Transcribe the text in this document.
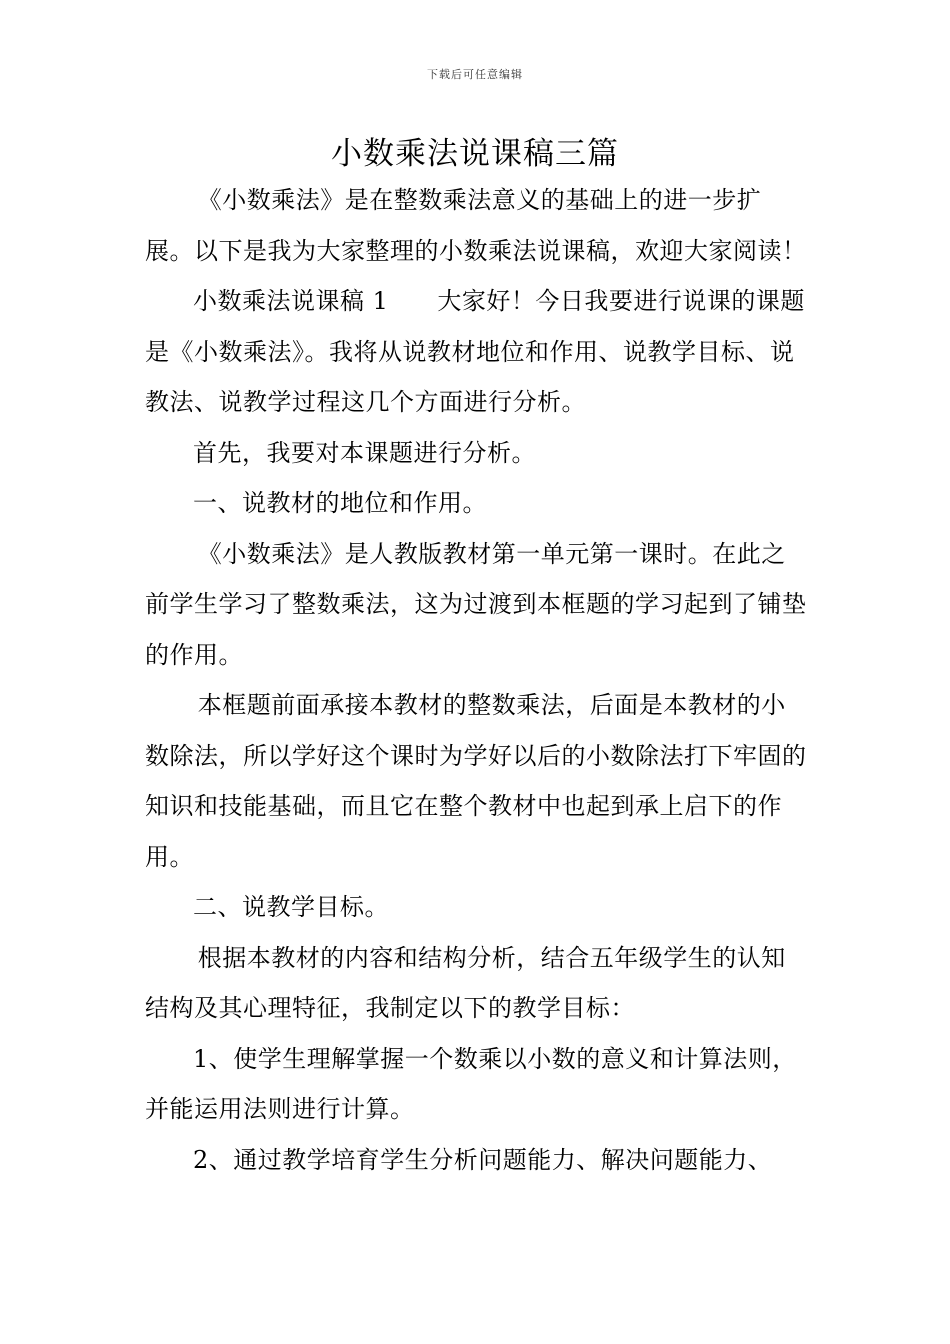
下载后可任意编辑
小数乘法说课稿三篇

《小数乘法》是在整数乘法意义的基础上的进一步扩展。以下是我为大家整理的小数乘法说课稿，欢迎大家阅读！

小数乘法说课稿 1　　大家好！今日我要进行说课的课题是《小数乘法》。我将从说教材地位和作用、说教学目标、说教法、说教学过程这几个方面进行分析。

首先，我要对本课题进行分析。

一、说教材的地位和作用。

《小数乘法》是人教版教材第一单元第一课时。在此之前学生学习了整数乘法，这为过渡到本框题的学习起到了铺垫的作用。

本框题前面承接本教材的整数乘法，后面是本教材的小数除法，所以学好这个课时为学好以后的小数除法打下牢固的知识和技能基础，而且它在整个教材中也起到承上启下的作用。

二、说教学目标。

根据本教材的内容和结构分析，结合五年级学生的认知结构及其心理特征，我制定以下的教学目标：

1、使学生理解掌握一个数乘以小数的意义和计算法则，并能运用法则进行计算。

2、通过教学培育学生分析问题能力、解决问题能力、
